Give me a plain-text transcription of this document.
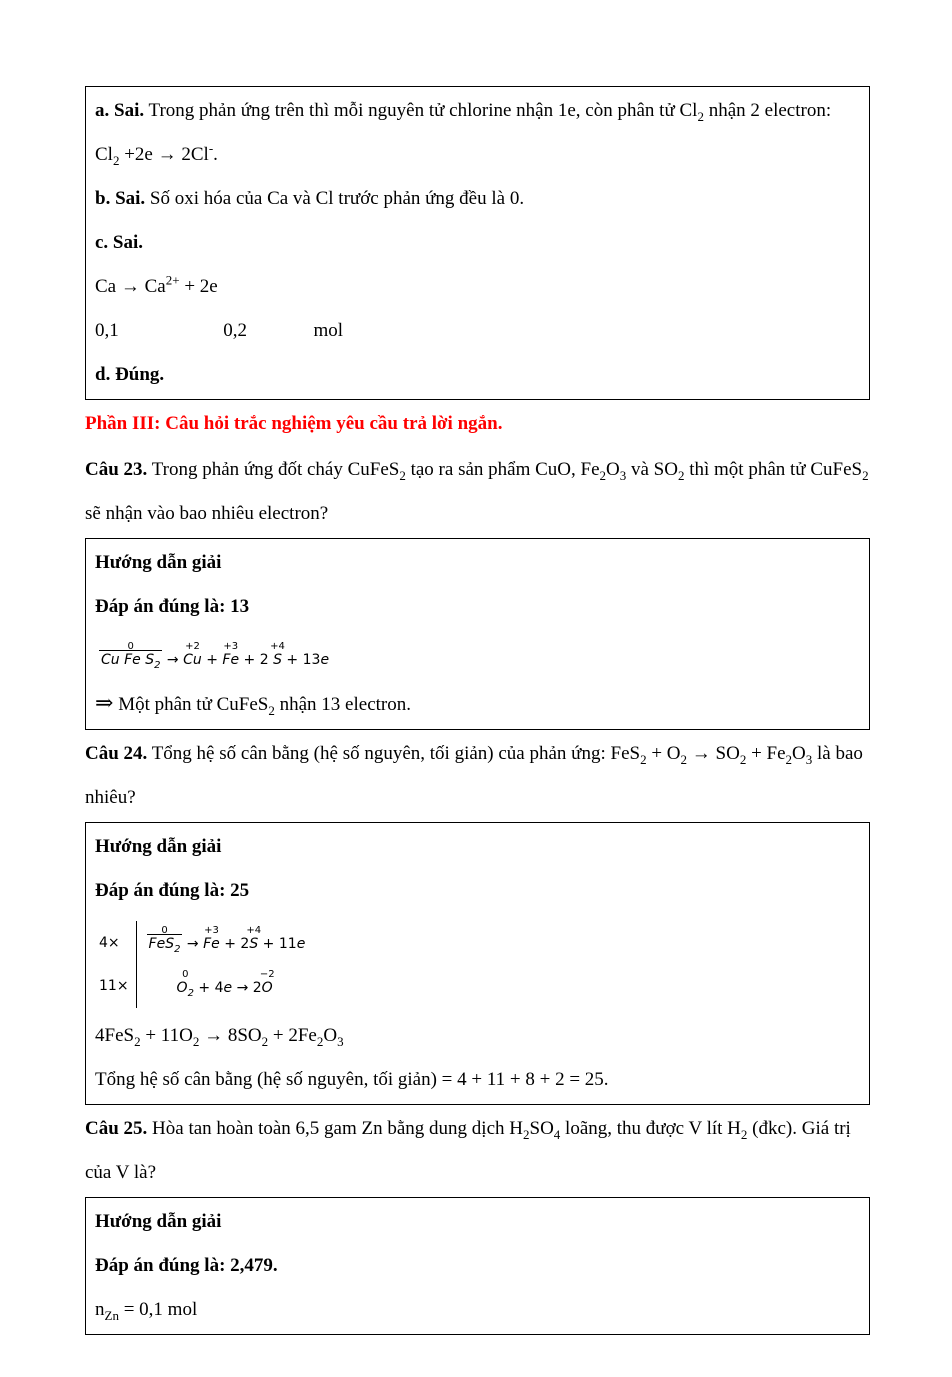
a. Sai. Trong phản ứng trên thì mỗi nguyên tử chlorine nhận 1e, còn phân tử $Cl_2$ nhận 2 electron: $Cl_2 +2e \to 2Cl^-$.
b. Sai. Số oxi hóa của Ca và Cl trước phản ứng đều là 0.
c. Sai.
$Ca \to Ca^{2+} + 2e$
0,1                      0,2              mol
d. Đúng.
Phần III: Câu hỏi trắc nghiệm yêu cầu trả lời ngắn.
Câu 23. Trong phản ứng đốt cháy CuFeS$_2$ tạo ra sản phẩm CuO, $Fe_2O_3$ và $SO_2$ thì một phân tử CuFeS$_2$ sẽ nhận vào bao nhiêu electron?
Hướng dẫn giải
Đáp án đúng là: 13
0
Cu Fe $S_2$ →
+2
Cu +
+3
Fe + 2
+4
S + 13e
⇒ Một phân tử CuFeS$_2$ nhận 13 electron.
Câu 24. Tổng hệ số cân bằng (hệ số nguyên, tối giản) của phản ứng: $FeS_2 + O_2 \to SO_2 + Fe_2O_3$ là bao nhiêu?
Hướng dẫn giải
Đáp án đúng là: 25
4×
11×
0
FeS$_2$ →
+3
Fe + 2
+4
S + 11e
0
$O_2 + 4e \to 2$
−2
O
$4FeS_2 + 11O_2 \to 8SO_2 + 2Fe_2O_3$
Tổng hệ số cân bằng (hệ số nguyên, tối giản) = 4 + 11 + 8 + 2 = 25.
Câu 25. Hòa tan hoàn toàn 6,5 gam Zn bằng dung dịch $H_2SO_4$ loãng, thu được V lít $H_2$ (đkc). Giá trị của V là?
Hướng dẫn giải
Đáp án đúng là: 2,479.
$n_{Zn} = 0,1$ mol
